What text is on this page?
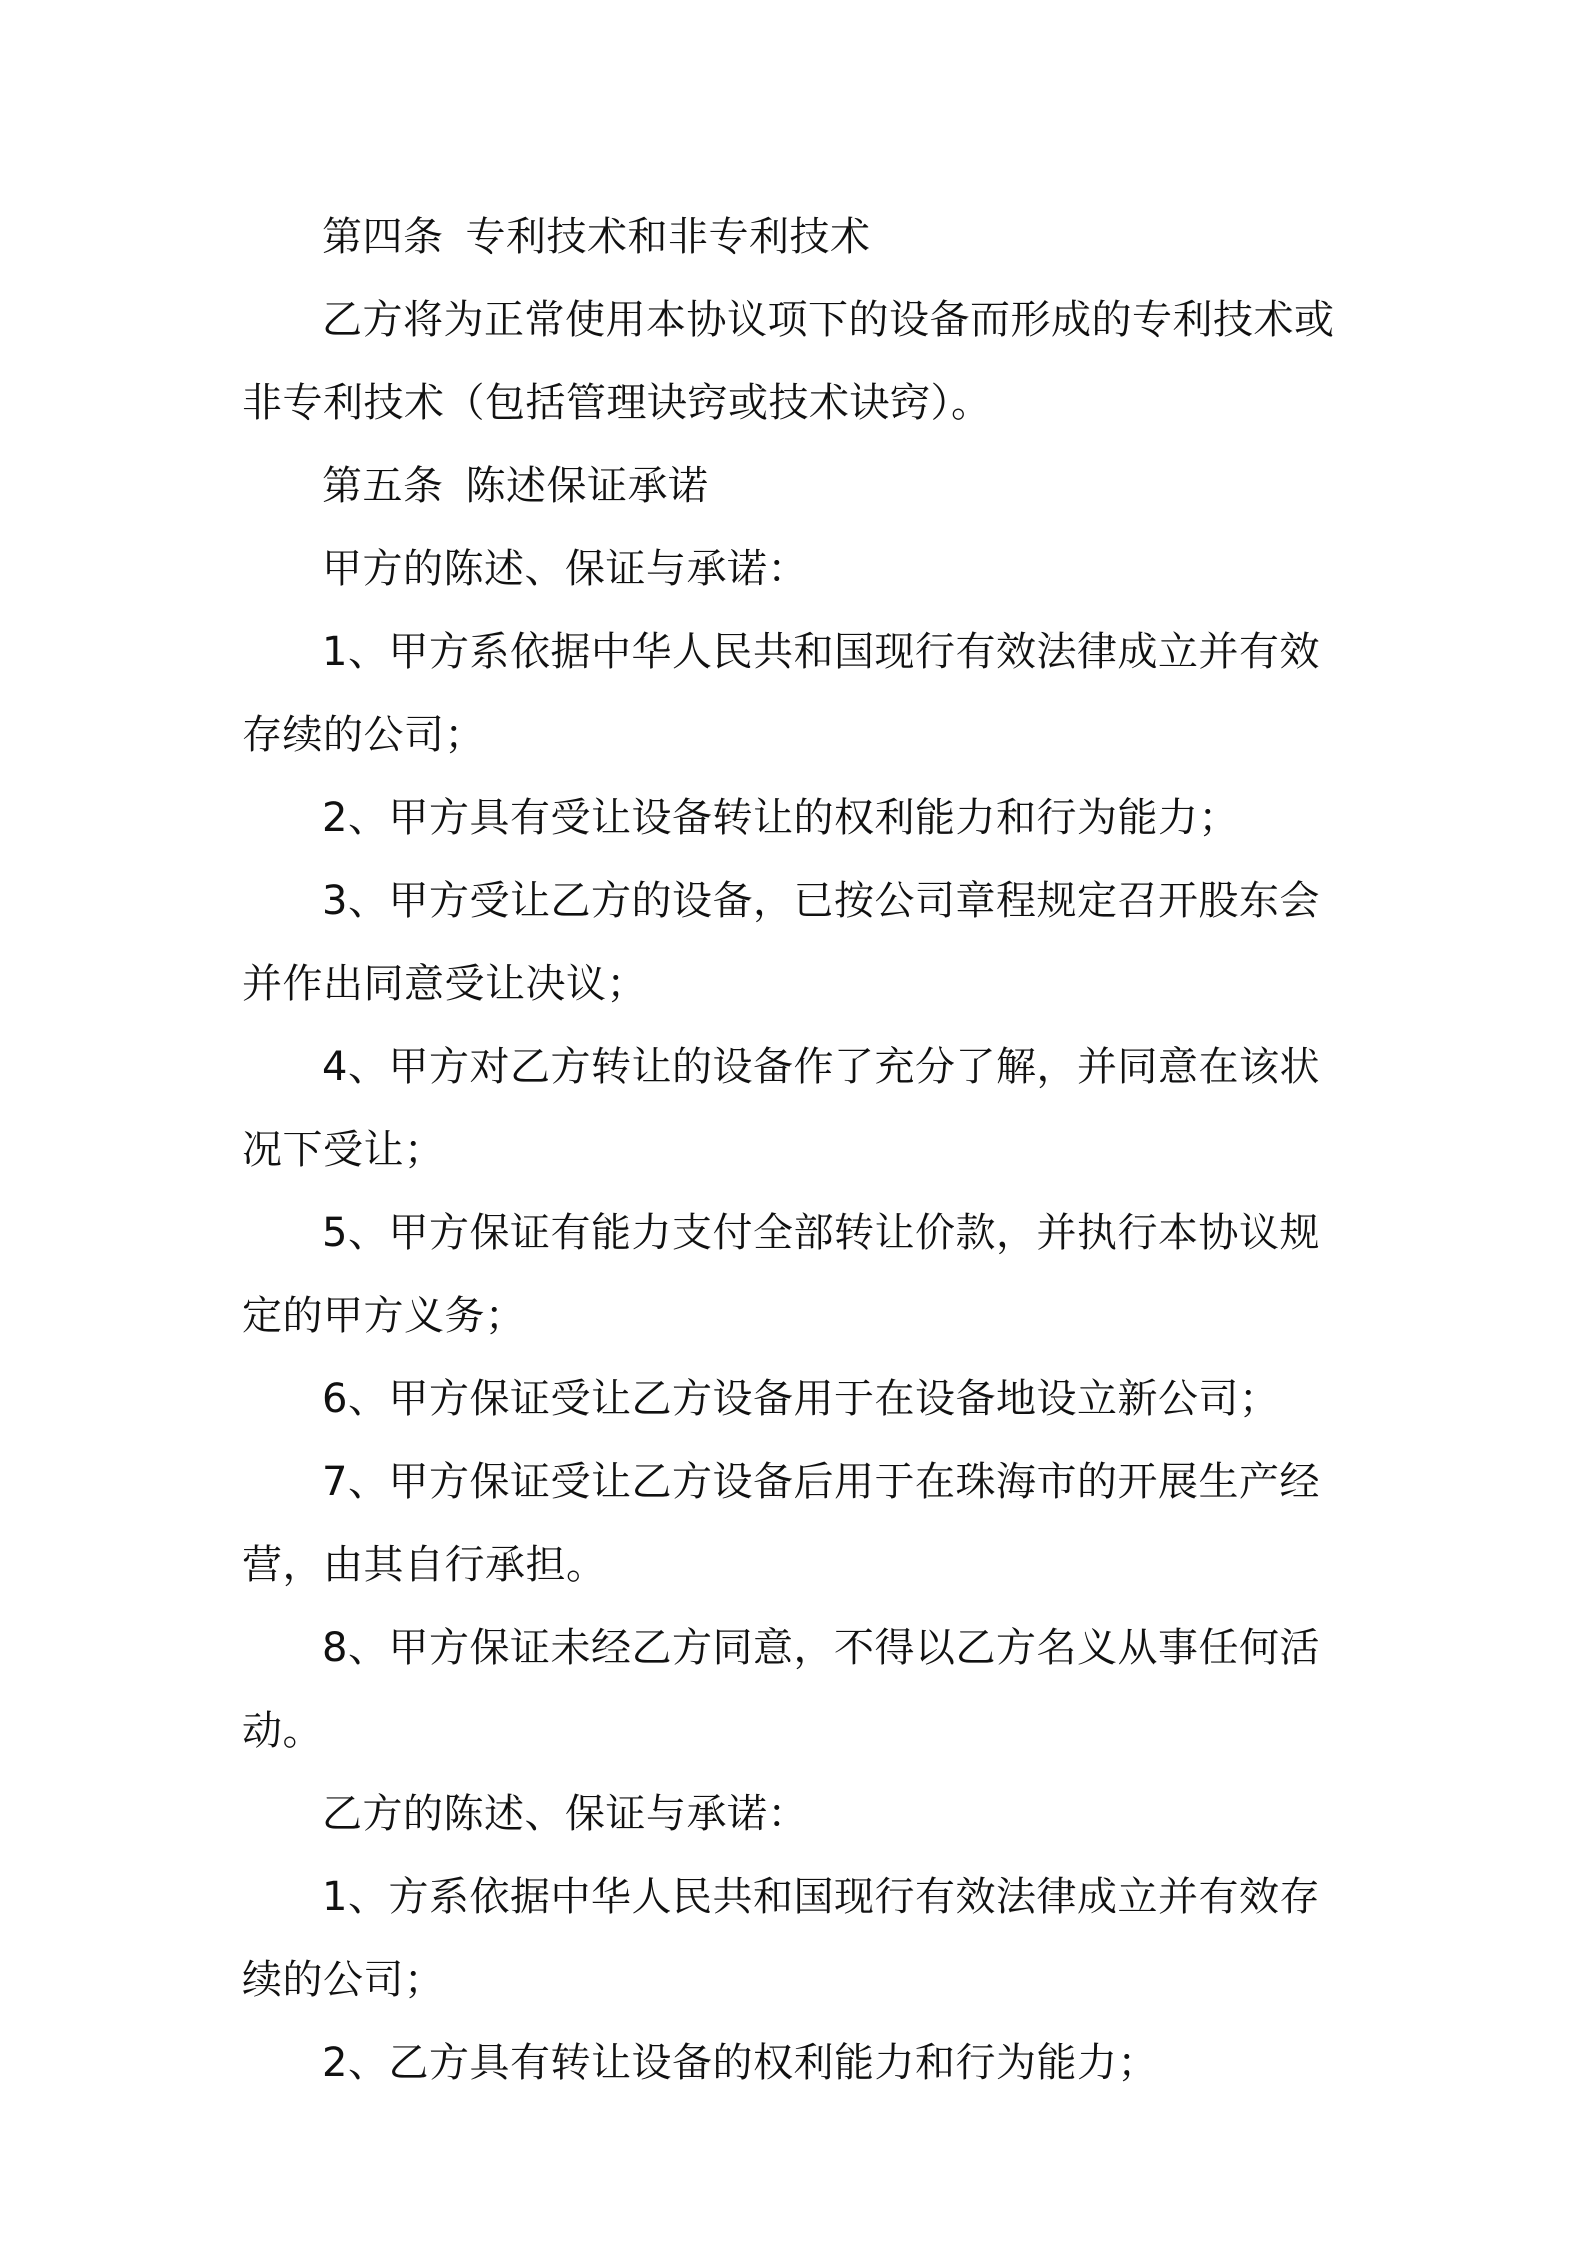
第四条 专利技术和非专利技术

乙方将为正常使用本协议项下的设备而形成的专利技术或非专利技术（包括管理诀窍或技术诀窍）。

第五条 陈述保证承诺

甲方的陈述、保证与承诺：

1、甲方系依据中华人民共和国现行有效法律成立并有效存续的公司；

2、甲方具有受让设备转让的权利能力和行为能力；

3、甲方受让乙方的设备，已按公司章程规定召开股东会并作出同意受让决议；

4、甲方对乙方转让的设备作了充分了解，并同意在该状况下受让；

5、甲方保证有能力支付全部转让价款，并执行本协议规定的甲方义务；

6、甲方保证受让乙方设备用于在设备地设立新公司；

7、甲方保证受让乙方设备后用于在珠海市的开展生产经营，由其自行承担。

8、甲方保证未经乙方同意，不得以乙方名义从事任何活动。

乙方的陈述、保证与承诺：

1、方系依据中华人民共和国现行有效法律成立并有效存续的公司；

2、乙方具有转让设备的权利能力和行为能力；
